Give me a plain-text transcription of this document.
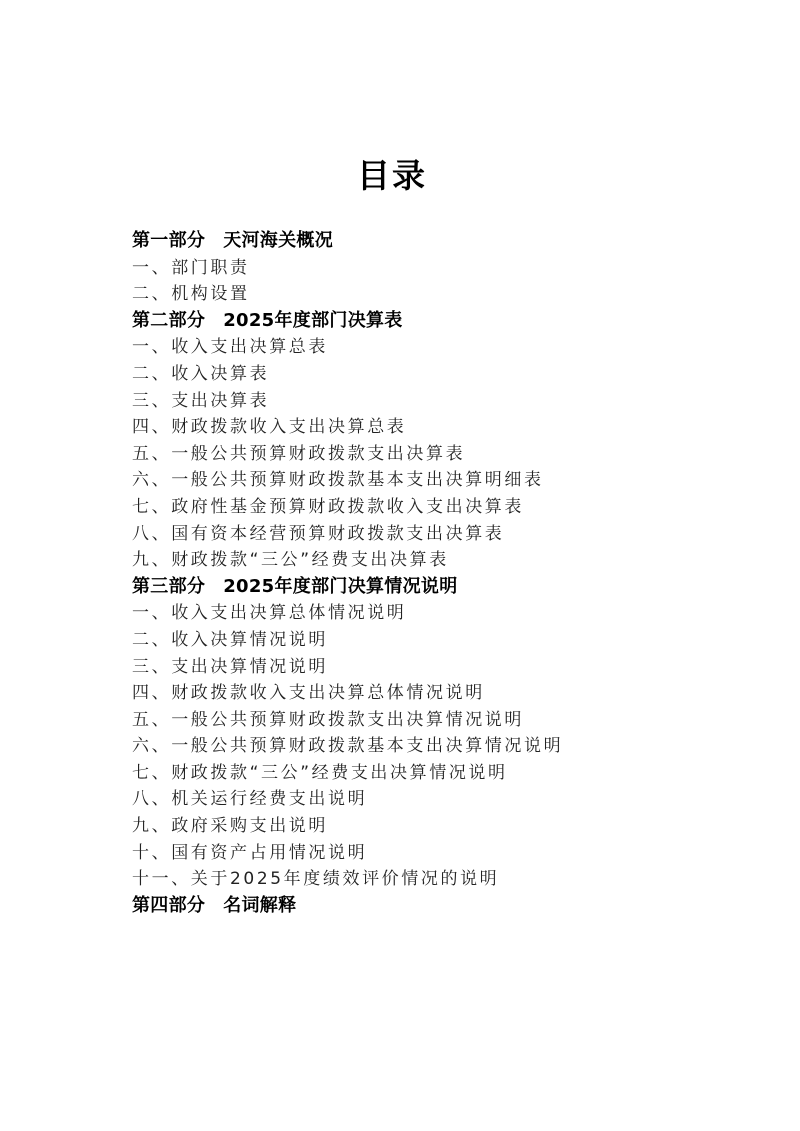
目录
第一部分 天河海关概况
一、部门职责
二、机构设置
第二部分 2025年度部门决算表
一、收入支出决算总表
二、收入决算表
三、支出决算表
四、财政拨款收入支出决算总表
五、一般公共预算财政拨款支出决算表
六、一般公共预算财政拨款基本支出决算明细表
七、政府性基金预算财政拨款收入支出决算表
八、国有资本经营预算财政拨款支出决算表
九、财政拨款“三公”经费支出决算表
第三部分 2025年度部门决算情况说明
一、收入支出决算总体情况说明
二、收入决算情况说明
三、支出决算情况说明
四、财政拨款收入支出决算总体情况说明
五、一般公共预算财政拨款支出决算情况说明
六、一般公共预算财政拨款基本支出决算情况说明
七、财政拨款“三公”经费支出决算情况说明
八、机关运行经费支出说明
九、政府采购支出说明
十、国有资产占用情况说明
十一、关于2025年度绩效评价情况的说明
第四部分 名词解释
